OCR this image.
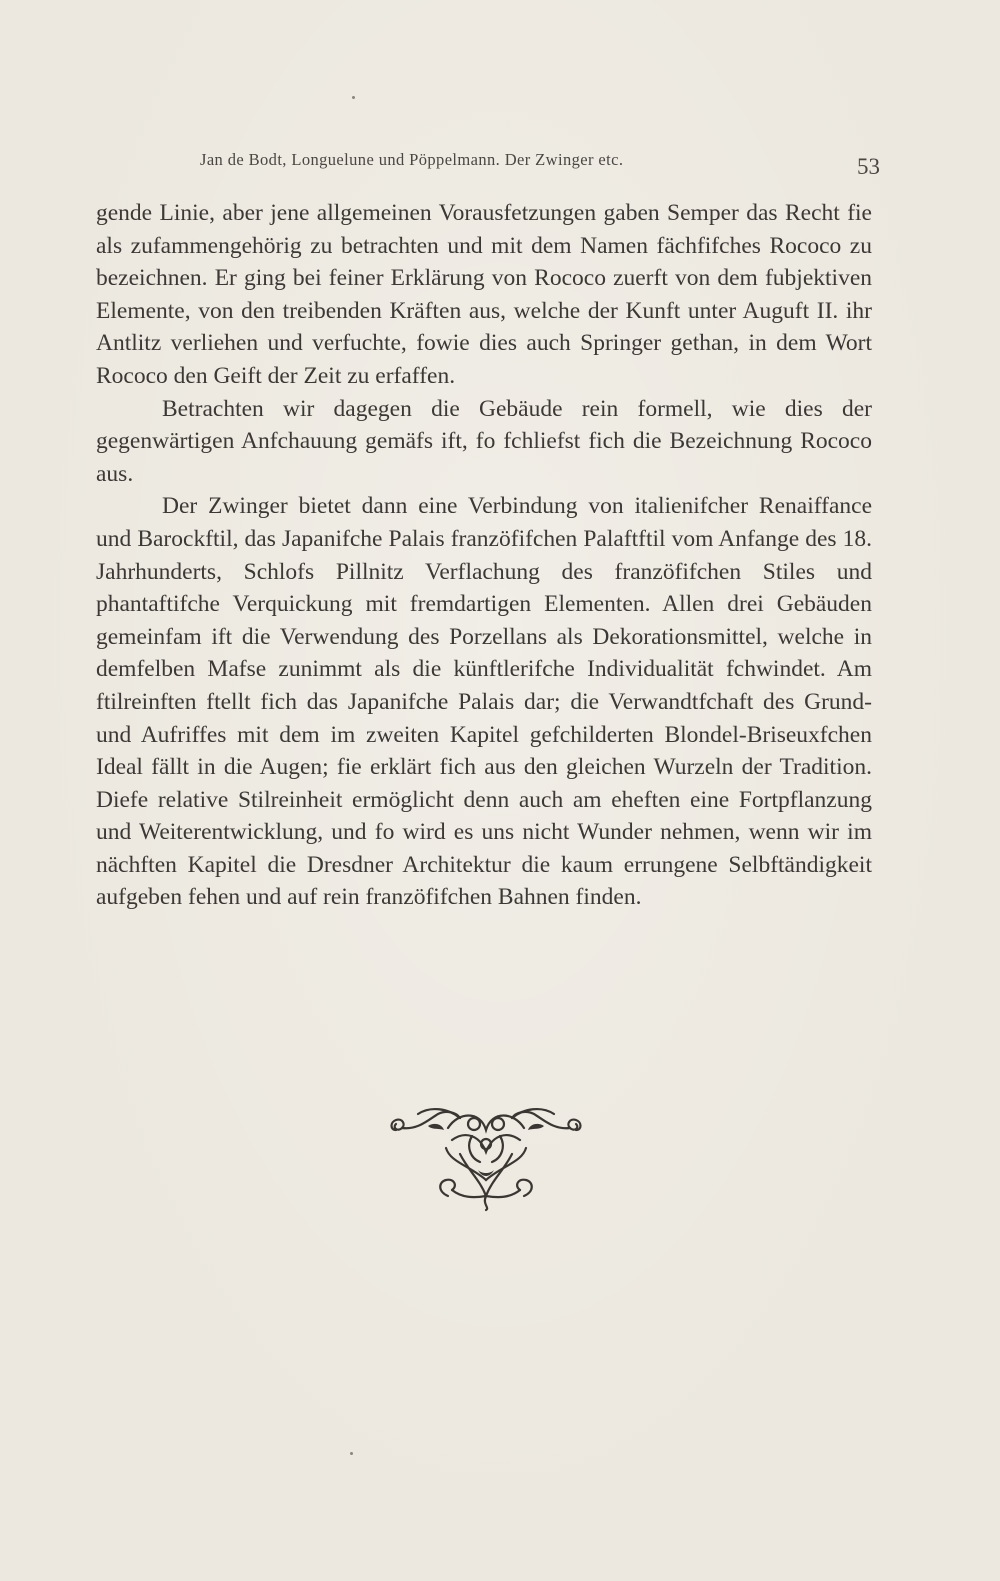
Jan de Bodt, Longuelune und Pöppelmann. Der Zwinger etc.	53

gende Linie, aber jene allgemeinen Vorausfetzungen gaben Semper das Recht fie als zufammengehörig zu betrachten und mit dem Namen fächfifches Rococo zu bezeichnen. Er ging bei feiner Erklärung von Rococo zuerft von dem fubjektiven Elemente, von den treibenden Kräften aus, welche der Kunft unter Auguft II. ihr Antlitz verliehen und verfuchte, fowie dies auch Springer gethan, in dem Wort Rococo den Geift der Zeit zu erfaffen.

Betrachten wir dagegen die Gebäude rein formell, wie dies der gegenwärtigen Anfchauung gemäfs ift, fo fchliefst fich die Bezeichnung Rococo aus.

Der Zwinger bietet dann eine Verbindung von italienifcher Renaiffance und Barockftil, das Japanifche Palais franzöfifchen Palaftftil vom Anfange des 18. Jahrhunderts, Schlofs Pillnitz Verflachung des franzöfifchen Stiles und phantaftifche Verquickung mit fremdartigen Elementen. Allen drei Gebäuden gemeinfam ift die Verwendung des Porzellans als Dekorationsmittel, welche in demfelben Mafse zunimmt als die künftlerifche Individualität fchwindet. Am ftilreinften ftellt fich das Japanifche Palais dar; die Verwandtfchaft des Grund- und Aufriffes mit dem im zweiten Kapitel gefchilderten Blondel-Briseuxfchen Ideal fällt in die Augen; fie erklärt fich aus den gleichen Wurzeln der Tradition. Diefe relative Stilreinheit ermöglicht denn auch am eheften eine Fortpflanzung und Weiterentwicklung, und fo wird es uns nicht Wunder nehmen, wenn wir im nächften Kapitel die Dresdner Architektur die kaum errungene Selbftändigkeit aufgeben fehen und auf rein franzöfifchen Bahnen finden.
